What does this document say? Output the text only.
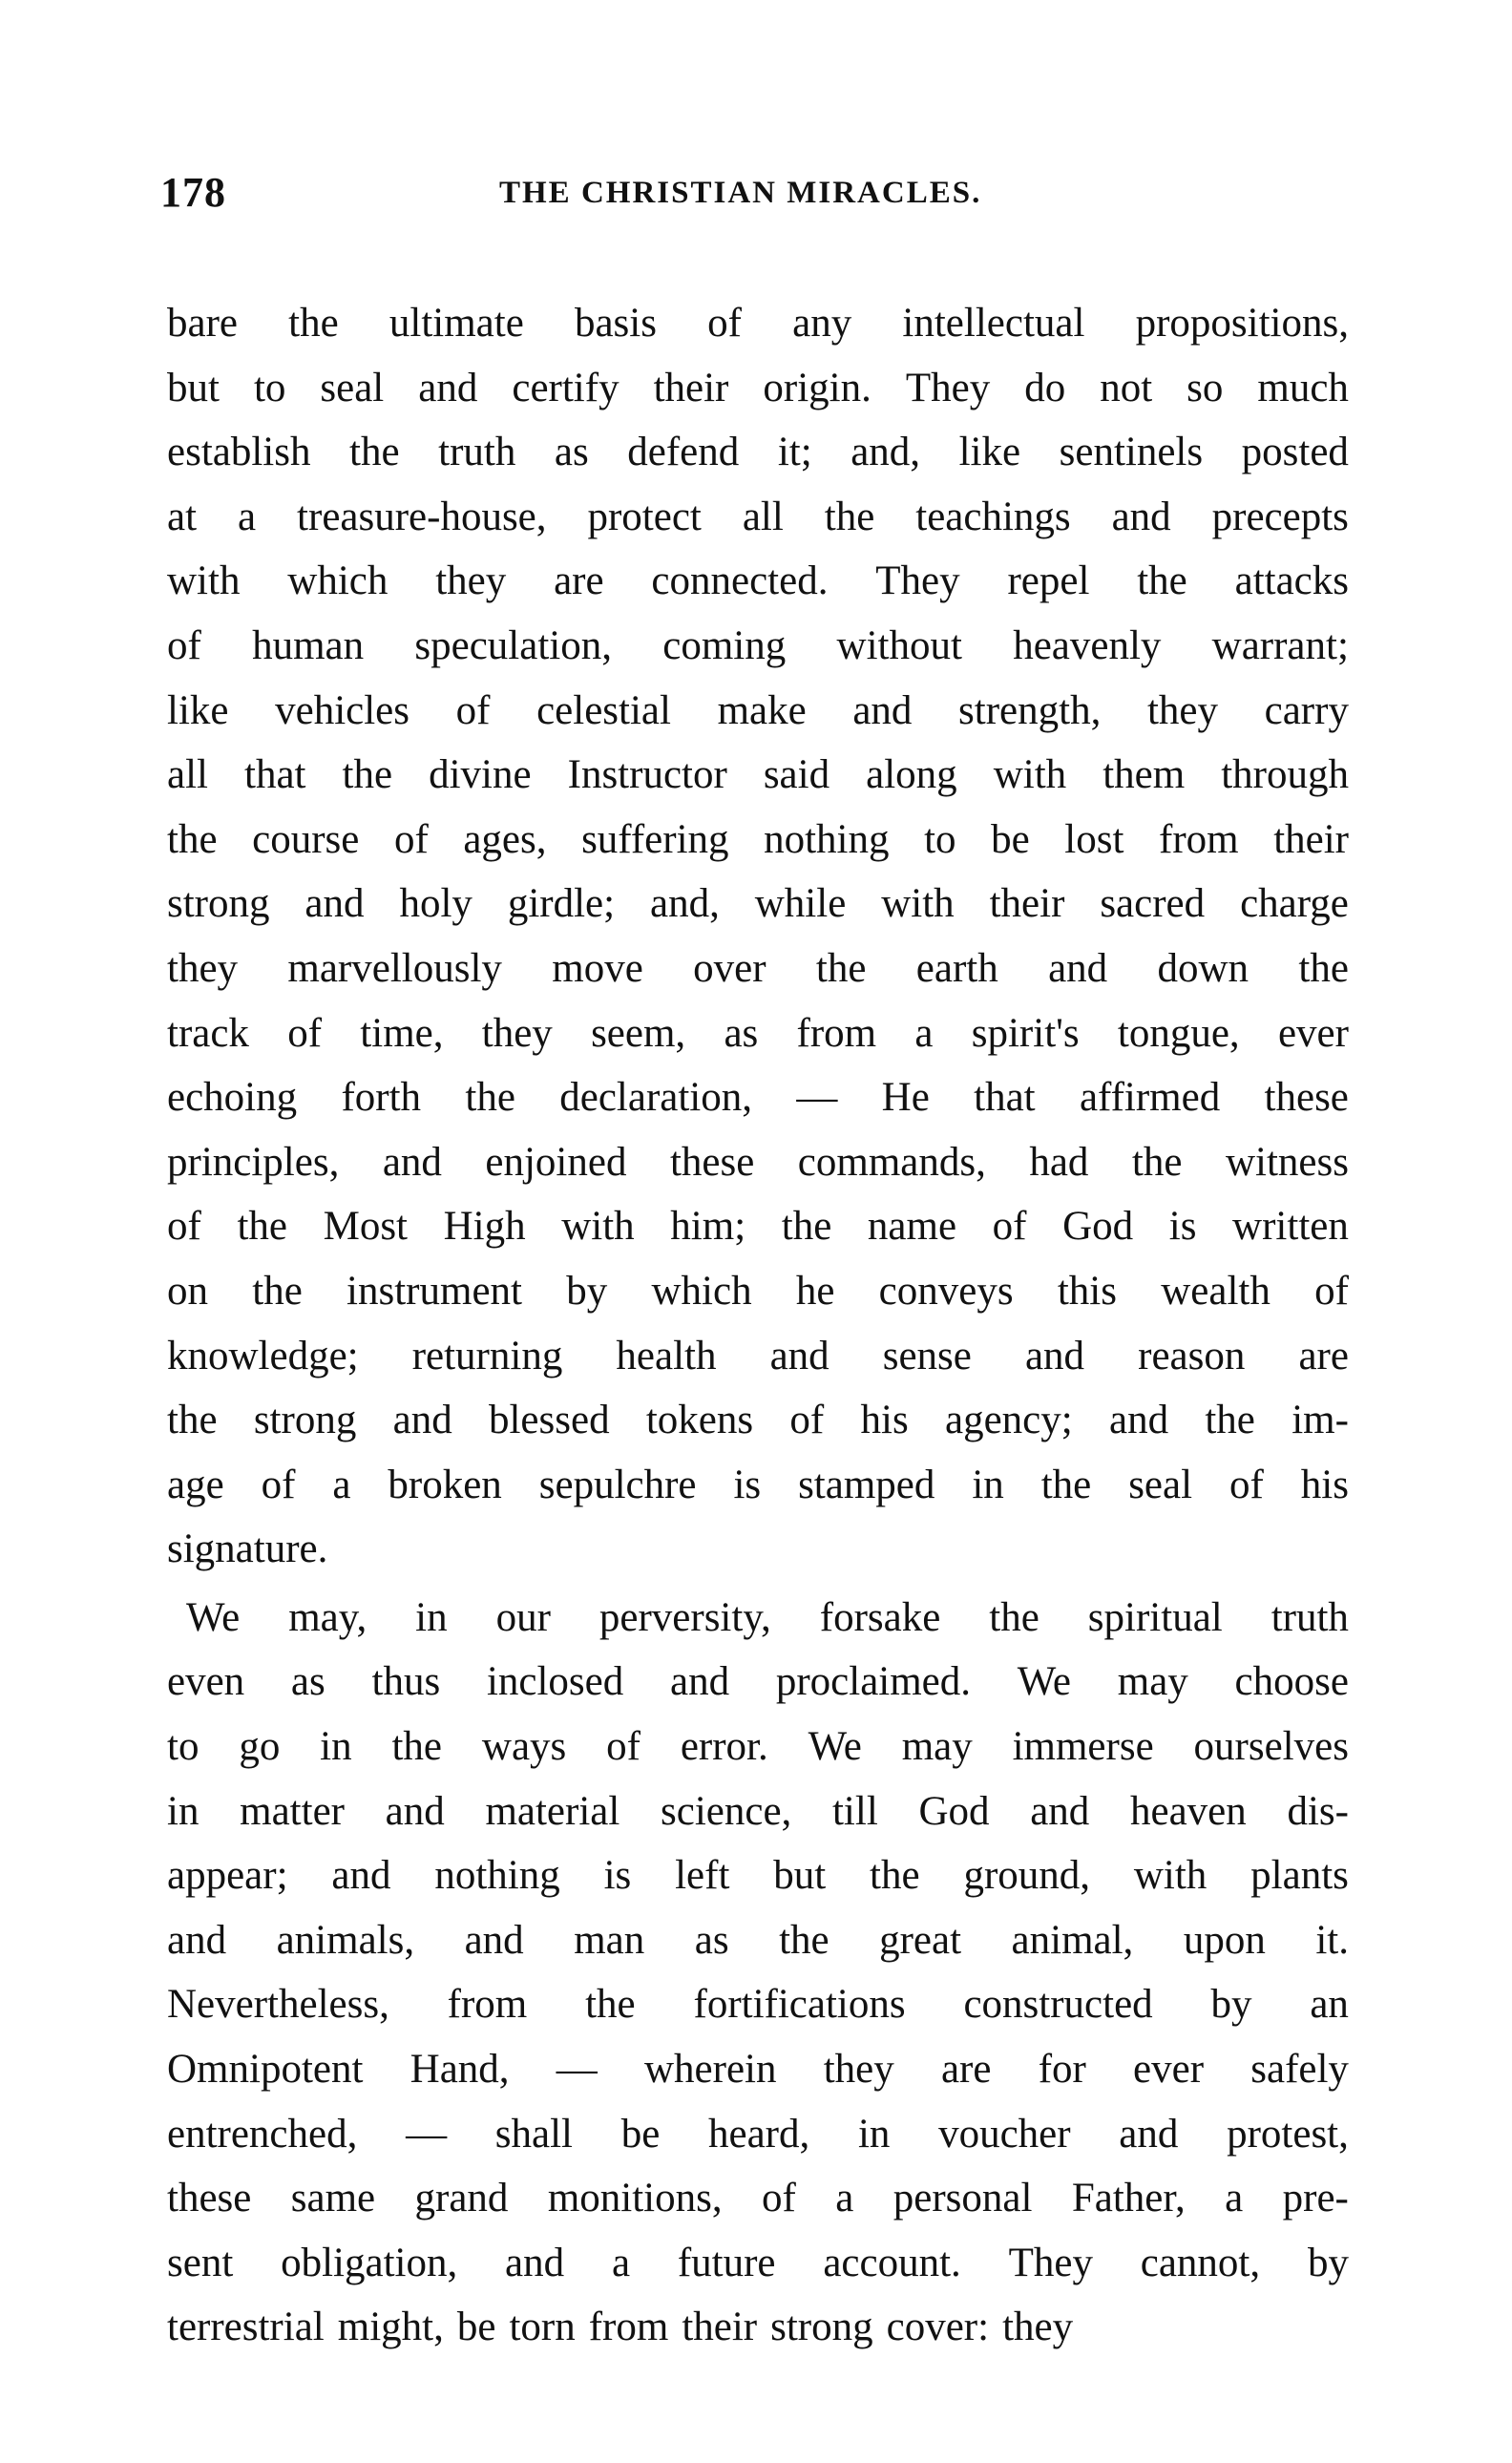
178	THE CHRISTIAN MIRACLES.
bare the ultimate basis of any intellectual propositions,
but to seal and certify their origin. They do not so much
establish the truth as defend it; and, like sentinels posted
at a treasure-house, protect all the teachings and precepts
with which they are connected. They repel the attacks
of human speculation, coming without heavenly warrant;
like vehicles of celestial make and strength, they carry
all that the divine Instructor said along with them through
the course of ages, suffering nothing to be lost from their
strong and holy girdle; and, while with their sacred charge
they marvellously move over the earth and down the
track of time, they seem, as from a spirit's tongue, ever
echoing forth the declaration, — He that affirmed these
principles, and enjoined these commands, had the witness
of the Most High with him; the name of God is written
on the instrument by which he conveys this wealth of
knowledge; returning health and sense and reason are
the strong and blessed tokens of his agency; and the im-
age of a broken sepulchre is stamped in the seal of his
signature.
We may, in our perversity, forsake the spiritual truth
even as thus inclosed and proclaimed. We may choose
to go in the ways of error. We may immerse ourselves
in matter and material science, till God and heaven dis-
appear; and nothing is left but the ground, with plants
and animals, and man as the great animal, upon it.
Nevertheless, from the fortifications constructed by an
Omnipotent Hand, — wherein they are for ever safely
entrenched, — shall be heard, in voucher and protest,
these same grand monitions, of a personal Father, a pre-
sent obligation, and a future account. They cannot, by
terrestrial might, be torn from their strong cover: they
